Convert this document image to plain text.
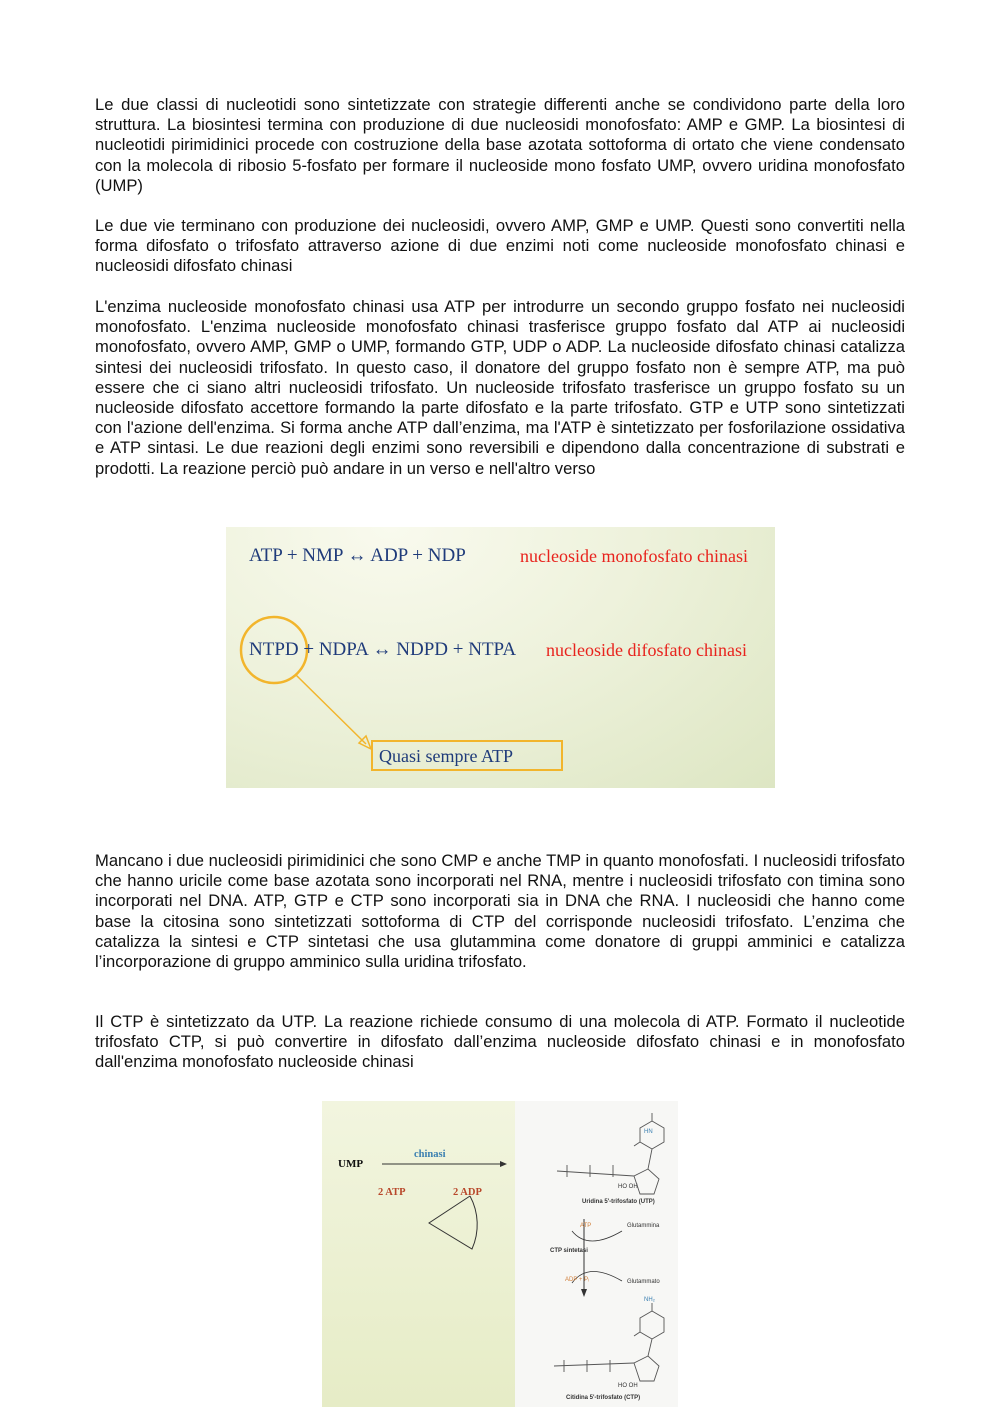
Le due classi di nucleotidi sono sintetizzate con strategie differenti anche se condividono parte della loro struttura. La biosintesi termina con produzione di due nucleosidi monofosfato: AMP e GMP. La biosintesi di nucleotidi pirimidinici procede con costruzione della base azotata sottoforma di ortato che viene condensato con la molecola di ribosio 5-fosfato per formare il nucleoside mono fosfato UMP, ovvero uridina monofosfato (UMP)

Le due vie terminano con produzione dei nucleosidi, ovvero AMP, GMP e UMP. Questi sono convertiti nella forma difosfato o trifosfato attraverso azione di due enzimi noti come nucleoside monofosfato chinasi e nucleosidi difosfato chinasi

L'enzima nucleoside monofosfato chinasi usa ATP per introdurre un secondo gruppo fosfato nei nucleosidi monofosfato. L'enzima nucleoside monofosfato chinasi trasferisce gruppo fosfato dal ATP ai nucleosidi monofosfato, ovvero AMP, GMP o UMP, formando GTP, UDP o ADP. La nucleoside difosfato chinasi catalizza sintesi dei nucleosidi trifosfato. In questo caso, il donatore del gruppo fosfato non è sempre ATP, ma può essere che ci siano altri nucleosidi trifosfato. Un nucleoside trifosfato trasferisce un gruppo fosfato su un nucleoside difosfato accettore formando la parte difosfato e la parte trifosfato. GTP e UTP sono sintetizzati con l'azione dell'enzima. Si forma anche ATP dall’enzima, ma l'ATP è sintetizzato per fosforilazione ossidativa e ATP sintasi. Le due reazioni degli enzimi sono reversibili e dipendono dalla concentrazione di substrati e prodotti. La reazione perciò può andare in un verso e nell'altro verso

ATP + NMP ↔ ADP + NDP	nucleoside monofosfato chinasi
NTPD + NDPA ↔ NDPD + NTPA nucleoside difosfato chinasi
Quasi sempre ATP

Mancano i due nucleosidi pirimidinici che sono CMP e anche TMP in quanto monofosfati. I nucleosidi trifosfato che hanno uricile come base azotata sono incorporati nel RNA, mentre i nucleosidi trifosfato con timina sono incorporati nel DNA. ATP, GTP e CTP sono incorporati sia in DNA che RNA. I nucleosidi che hanno come base la citosina sono sintetizzati sottoforma di CTP del corrisponde nucleosidi trifosfato. L’enzima che catalizza la sintesi e CTP sintetasi che usa glutammina come donatore di gruppi amminici e catalizza l’incorporazione di gruppo amminico sulla uridina trifosfato.

Il CTP è sintetizzato da UTP. La reazione richiede consumo di una molecola di ATP. Formato il nucleotide trifosfato CTP, si può convertire in difosfato dall’enzima nucleoside difosfato chinasi e in monofosfato dall'enzima monofosfato nucleoside chinasi

UMP
chinasi
2 ATP	2 ADP
HN
HO OH
Uridina 5'-trifosfato (UTP)
ATP	Glutammina
CTP sintetasi
ADP + Pᵢ	Glutammato
NH₂
HO OH
Citidina 5'-trifosfato (CTP)
